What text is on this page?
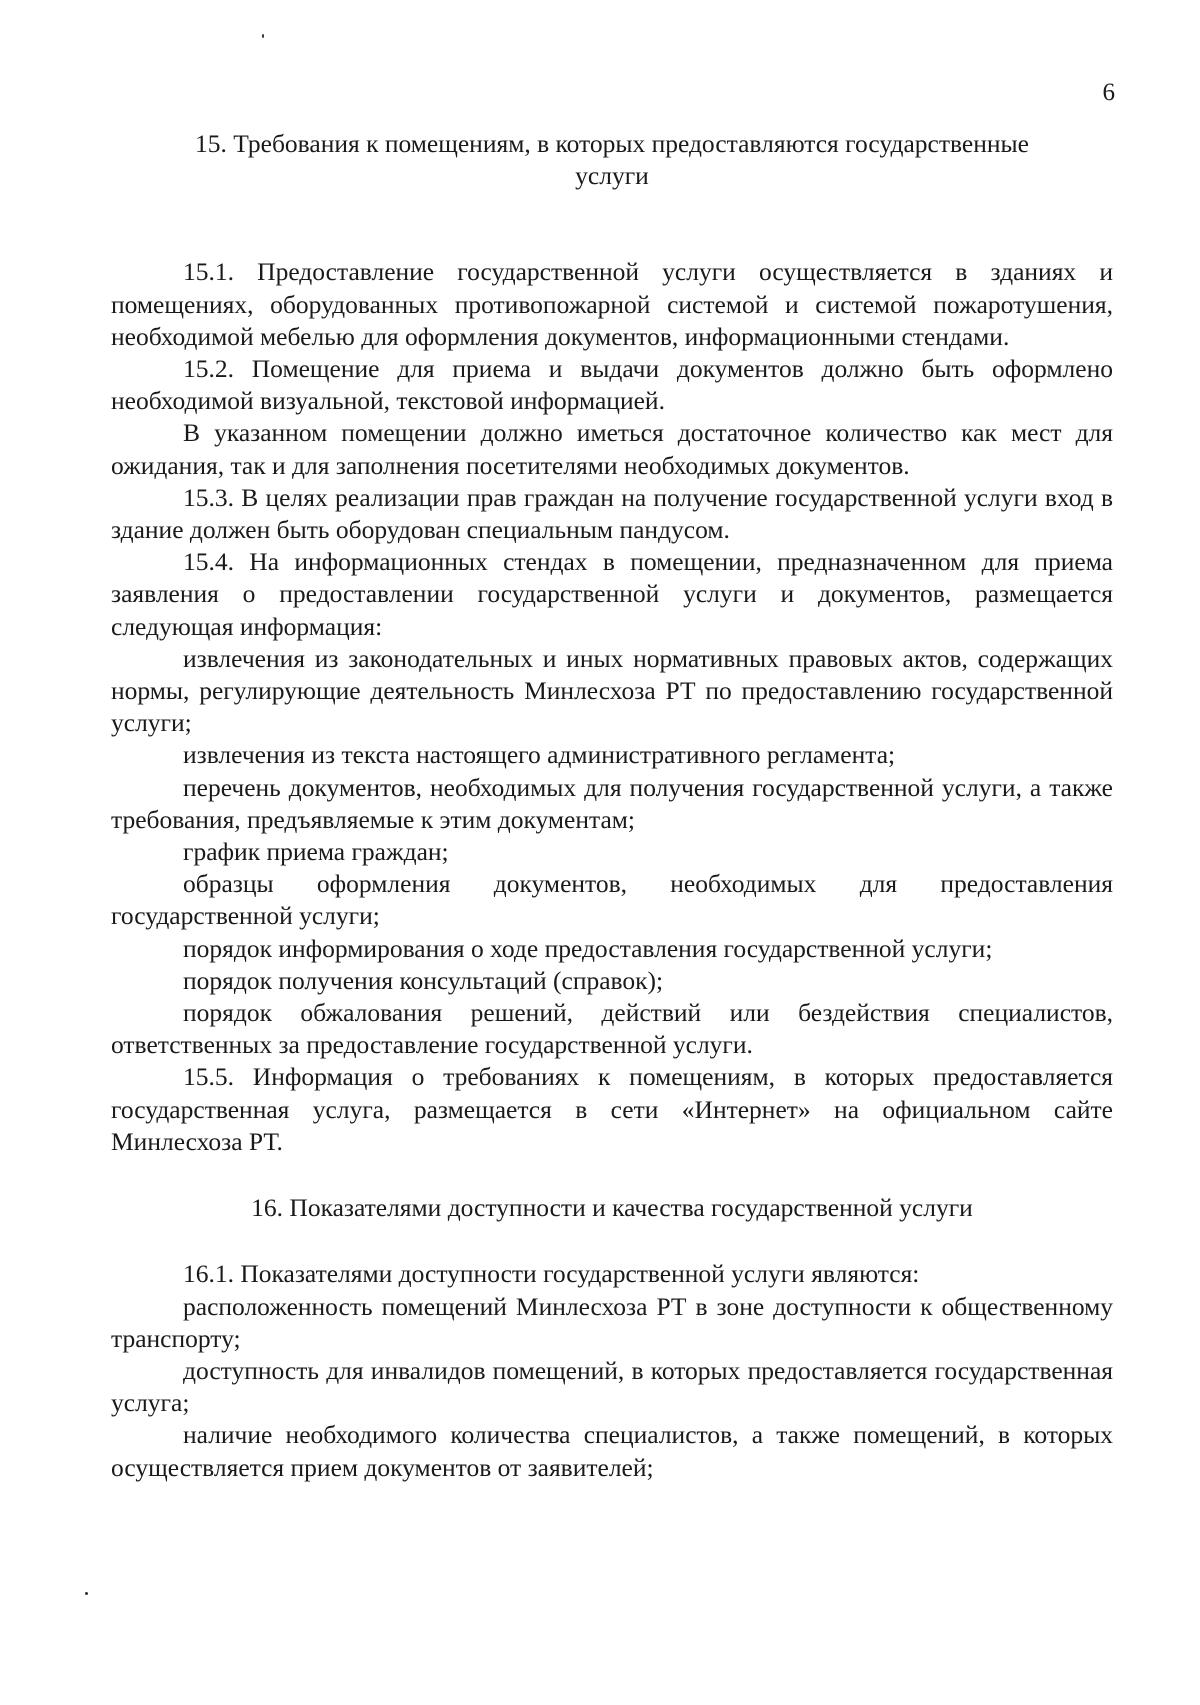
6
15. Требования к помещениям, в которых предоставляются государственные услуги

15.1. Предоставление государственной услуги осуществляется в зданиях и помещениях, оборудованных противопожарной системой и системой пожаротушения, необходимой мебелью для оформления документов, информационными стендами.

15.2. Помещение для приема и выдачи документов должно быть оформлено необходимой визуальной, текстовой информацией.

В указанном помещении должно иметься достаточное количество как мест для ожидания, так и для заполнения посетителями необходимых документов.

15.3. В целях реализации прав граждан на получение государственной услуги вход в здание должен быть оборудован специальным пандусом.

15.4. На информационных стендах в помещении, предназначенном для приема заявления о предоставлении государственной услуги и документов, размещается следующая информация:

извлечения из законодательных и иных нормативных правовых актов, содержащих нормы, регулирующие деятельность Минлесхоза РТ по предоставлению государственной услуги;

извлечения из текста настоящего административного регламента;

перечень документов, необходимых для получения государственной услуги, а также требования, предъявляемые к этим документам;

график приема граждан;

образцы оформления документов, необходимых для предоставления государственной услуги;

порядок информирования о ходе предоставления государственной услуги;

порядок получения консультаций (справок);

порядок обжалования решений, действий или бездействия специалистов, ответственных за предоставление государственной услуги.

15.5. Информация о требованиях к помещениям, в которых предоставляется государственная услуга, размещается в сети «Интернет» на официальном сайте Минлесхоза РТ.

16. Показателями доступности и качества государственной услуги

16.1. Показателями доступности государственной услуги являются:

расположенность помещений Минлесхоза РТ в зоне доступности к общественному транспорту;

доступность для инвалидов помещений, в которых предоставляется государственная услуга;

наличие необходимого количества специалистов, а также помещений, в которых осуществляется прием документов от заявителей;
